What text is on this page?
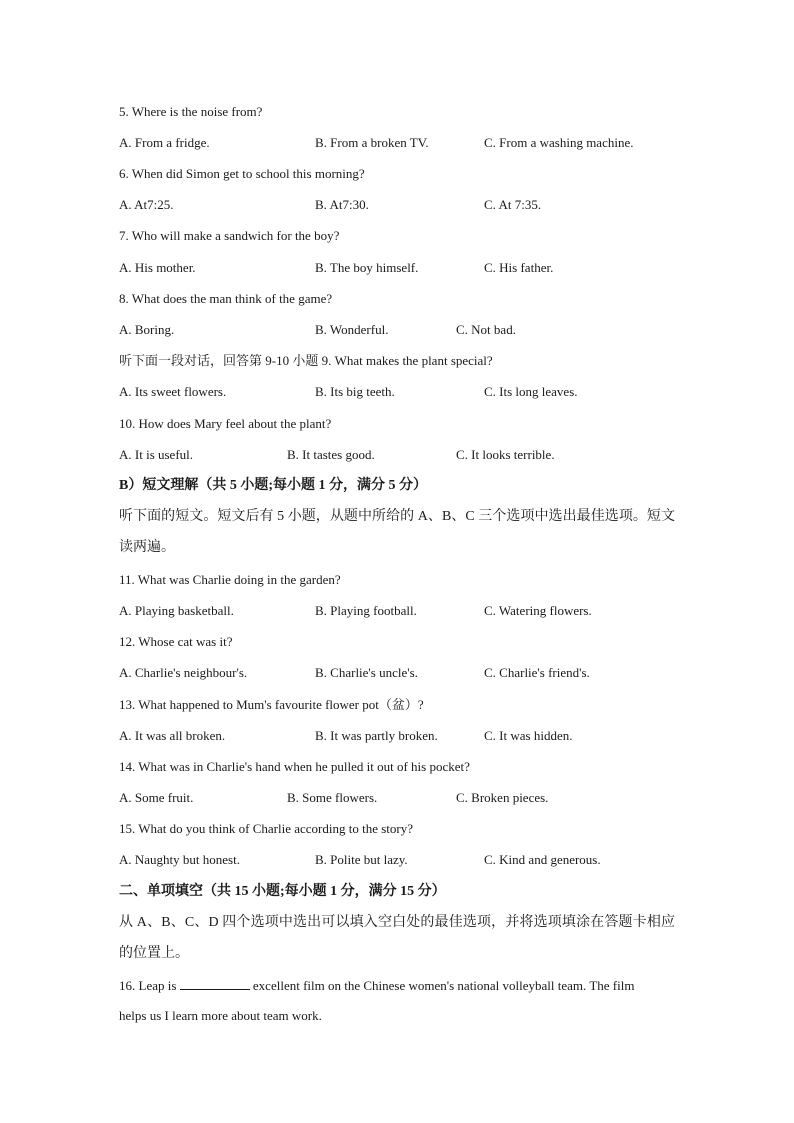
5. Where is the noise from?
A. From a fridge.	B. From a broken TV.	C. From a washing machine.
6. When did Simon get to school this morning?
A. At7:25.	B. At7:30.	C. At 7:35.
7. Who will make a sandwich for the boy?
A. His mother.	B. The boy himself.	C. His father.
8. What does the man think of the game?
A. Boring.	B. Wonderful.	C. Not bad.
听下面一段对话，回答第 9-10 小题 9. What makes the plant special?
A. Its sweet flowers.	B. Its big teeth.	C. Its long leaves.
10. How does Mary feel about the plant?
A. It is useful.	B. It tastes good.	C. It looks terrible.
B）短文理解（共 5 小题;每小题 1 分，满分 5 分）
听下面的短文。短文后有 5 小题，从题中所给的 A、B、C 三个选项中选出最佳选项。短文
读两遍。
11. What was Charlie doing in the garden?
A. Playing basketball.	B. Playing football.	C. Watering flowers.
12. Whose cat was it?
A. Charlie's neighbour's.	B. Charlie's uncle's.	C. Charlie's friend's.
13. What happened to Mum's favourite flower pot（盆）?
A. It was all broken.	B. It was partly broken.	C. It was hidden.
14. What was in Charlie's hand when he pulled it out of his pocket?
A. Some fruit.	B. Some flowers.	C. Broken pieces.
15. What do you think of Charlie according to the story?
A. Naughty but honest.	B. Polite but lazy.	C. Kind and generous.
二、单项填空（共 15 小题;每小题 1 分，满分 15 分）
从 A、B、C、D 四个选项中选出可以填入空白处的最佳选项，并将选项填涂在答题卡相应
的位置上。
16. Leap is	excellent film on the Chinese women's national volleyball team. The film
helps us I learn more about team work.
